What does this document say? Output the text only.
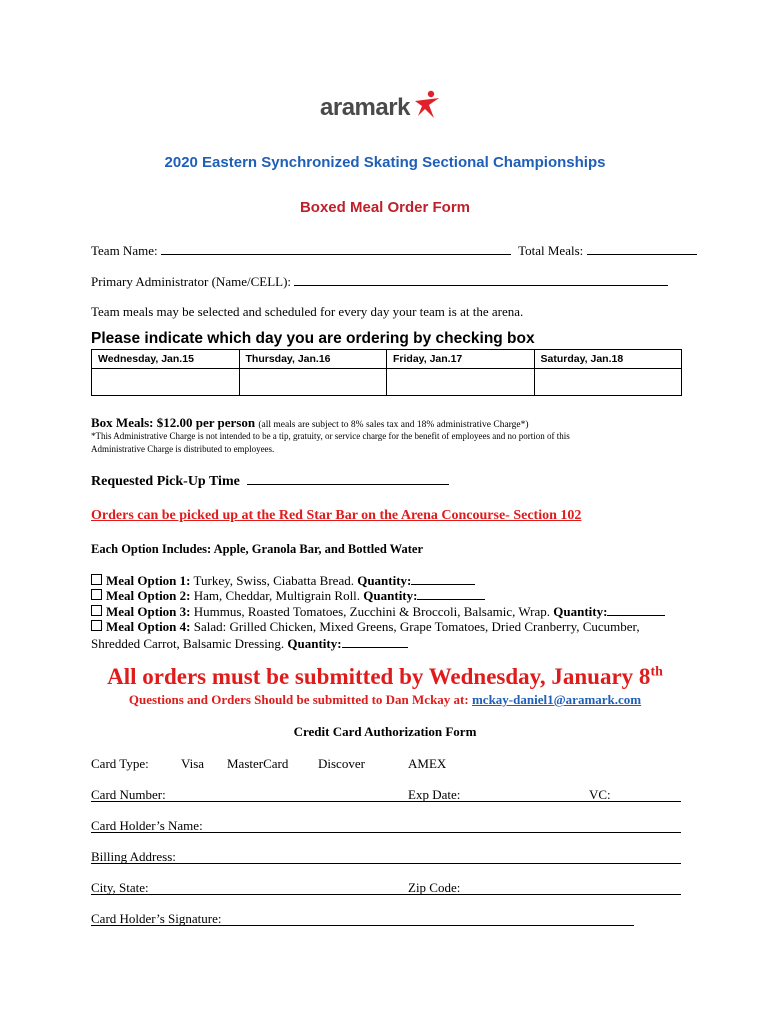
aramark
2020 Eastern Synchronized Skating Sectional Championships
Boxed Meal Order Form
Team Name:	Total Meals:
Primary Administrator (Name/CELL):
Team meals may be selected and scheduled for every day your team is at the arena.
Please indicate which day you are ordering by checking box
Wednesday, Jan.15	Thursday, Jan.16	Friday, Jan.17	Saturday, Jan.18

Box Meals: $12.00 per person (all meals are subject to 8% sales tax and 18% administrative Charge*)
*This Administrative Charge is not intended to be a tip, gratuity, or service charge for the benefit of employees and no portion of this
Administrative Charge is distributed to employees.
Requested Pick-Up Time
Orders can be picked up at the Red Star Bar on the Arena Concourse- Section 102
Each Option Includes: Apple, Granola Bar, and Bottled Water
Meal Option 1: Turkey, Swiss, Ciabatta Bread. Quantity:
Meal Option 2: Ham, Cheddar, Multigrain Roll. Quantity:
Meal Option 3: Hummus, Roasted Tomatoes, Zucchini & Broccoli, Balsamic, Wrap. Quantity:
Meal Option 4: Salad: Grilled Chicken, Mixed Greens, Grape Tomatoes, Dried Cranberry, Cucumber,
Shredded Carrot, Balsamic Dressing. Quantity:
All orders must be submitted by Wednesday, January 8th
Questions and Orders Should be submitted to Dan Mckay at: mckay-daniel1@aramark.com
Credit Card Authorization Form
Card Type: Visa MasterCard Discover	AMEX
Card Number:	Exp Date:	VC:
Card Holder’s Name:
Billing Address:
City, State:	Zip Code:
Card Holder’s Signature:
